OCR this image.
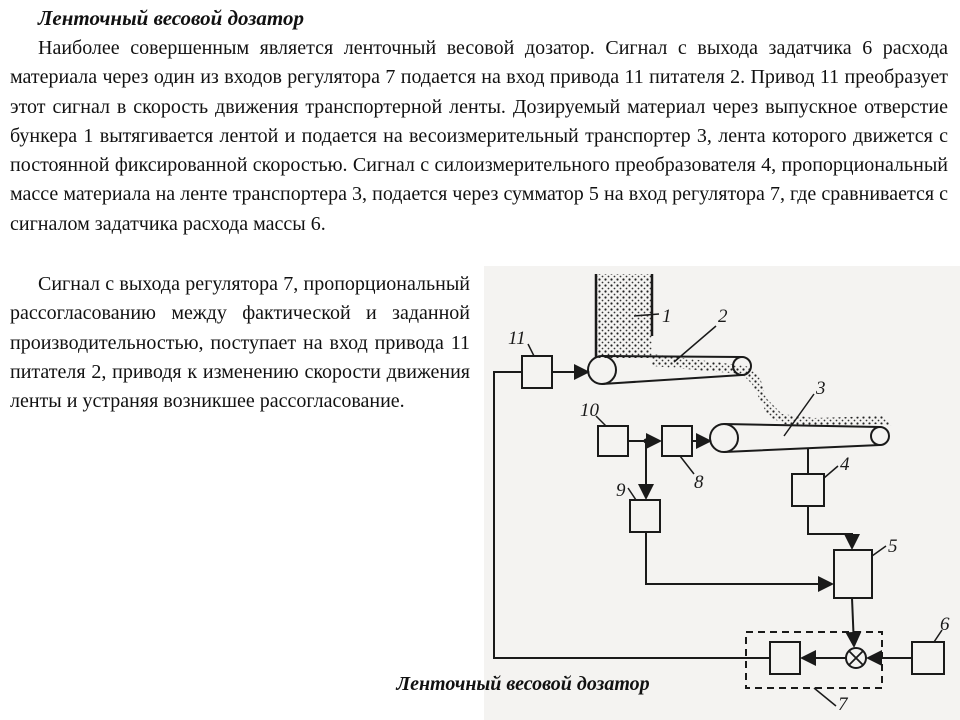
Ленточный весовой дозатор

Наиболее совершенным является ленточный весовой дозатор. Сигнал с выхода задатчика 6 расхода материала через один из входов регулятора 7 подается на вход привода 11 питателя 2. Привод 11 преобразует этот сигнал в скорость движения транспортерной ленты. Дозируемый материал через выпускное отверстие бункера 1 вытягивается лентой и подается на весоизмерительный транспортер 3, лента которого движется с постоянной фиксированной скоростью. Сигнал с силоизмерительного преобразователя 4, пропорциональный массе материала на ленте транспортера 3, подается через сумматор 5 на вход регулятора 7, где сравнивается с сигналом задатчика расхода массы 6.

Сигнал с выхода регулятора 7, пропорциональный рассогласованию между фактической и заданной производительностью, поступает на вход привода 11 питателя 2, приводя к изменению скорости движения ленты и устраняя возникшее рассогласование.

1 2
3
4
5
6
7
8
9
10
11

Ленточный весовой дозатор
